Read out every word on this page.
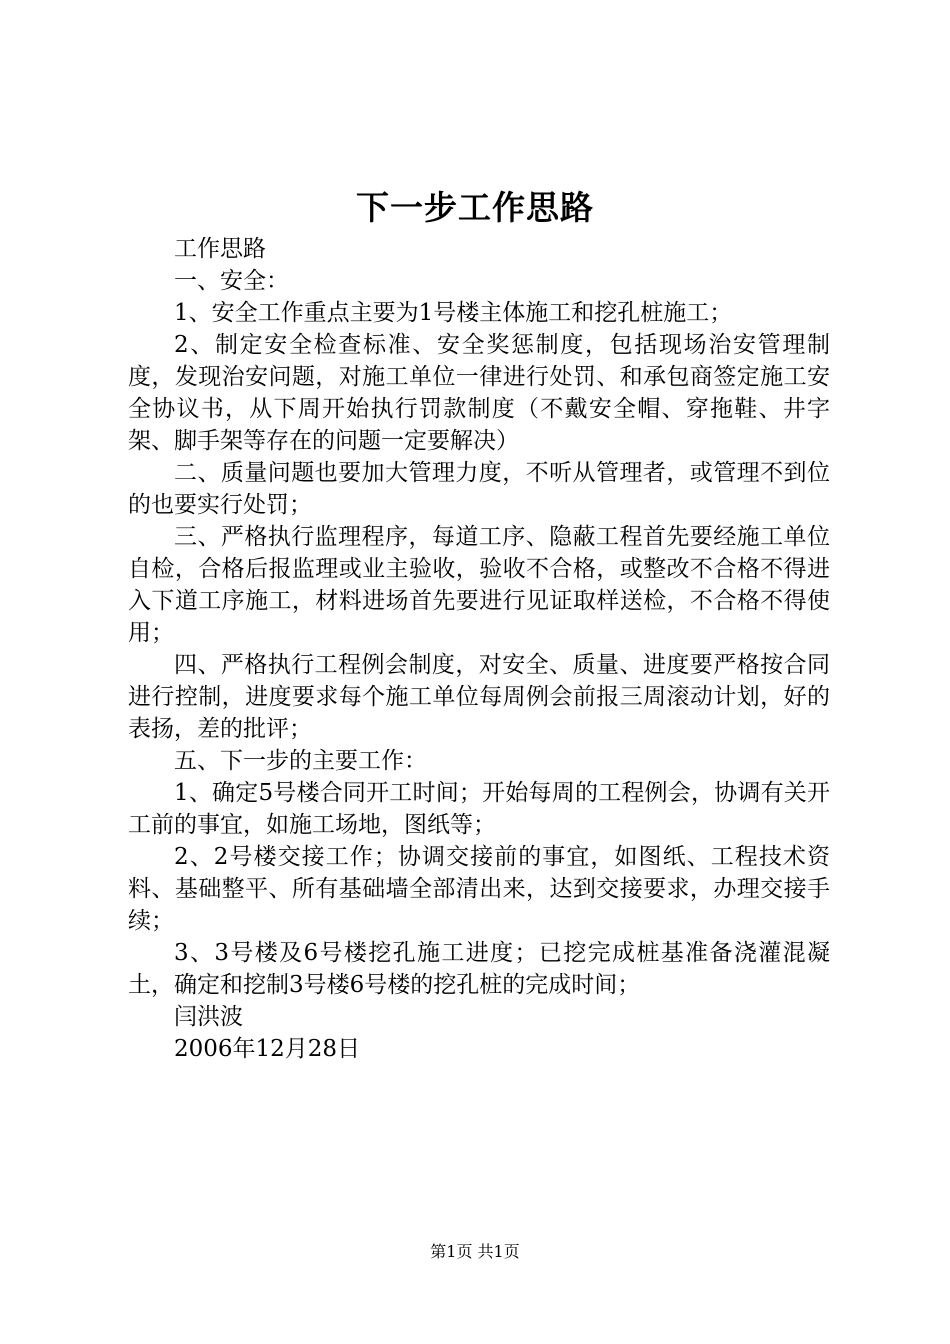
下一步工作思路

工作思路

一、安全：

1、安全工作重点主要为1号楼主体施工和挖孔桩施工；

2、制定安全检查标准、安全奖惩制度，包括现场治安管理制度，发现治安问题，对施工单位一律进行处罚、和承包商签定施工安全协议书，从下周开始执行罚款制度（不戴安全帽、穿拖鞋、井字架、脚手架等存在的问题一定要解决）

二、质量问题也要加大管理力度，不听从管理者，或管理不到位的也要实行处罚；

三、严格执行监理程序，每道工序、隐蔽工程首先要经施工单位自检，合格后报监理或业主验收，验收不合格，或整改不合格不得进入下道工序施工，材料进场首先要进行见证取样送检，不合格不得使用；

四、严格执行工程例会制度，对安全、质量、进度要严格按合同进行控制，进度要求每个施工单位每周例会前报三周滚动计划，好的表扬，差的批评；

五、下一步的主要工作：

1、确定5号楼合同开工时间；开始每周的工程例会，协调有关开工前的事宜，如施工场地，图纸等；

2、2号楼交接工作；协调交接前的事宜，如图纸、工程技术资料、基础整平、所有基础墙全部清出来，达到交接要求，办理交接手续；

3、3号楼及6号楼挖孔施工进度；已挖完成桩基准备浇灌混凝土，确定和挖制3号楼6号楼的挖孔桩的完成时间；

闫洪波

2006年12月28日

第1页 共1页
